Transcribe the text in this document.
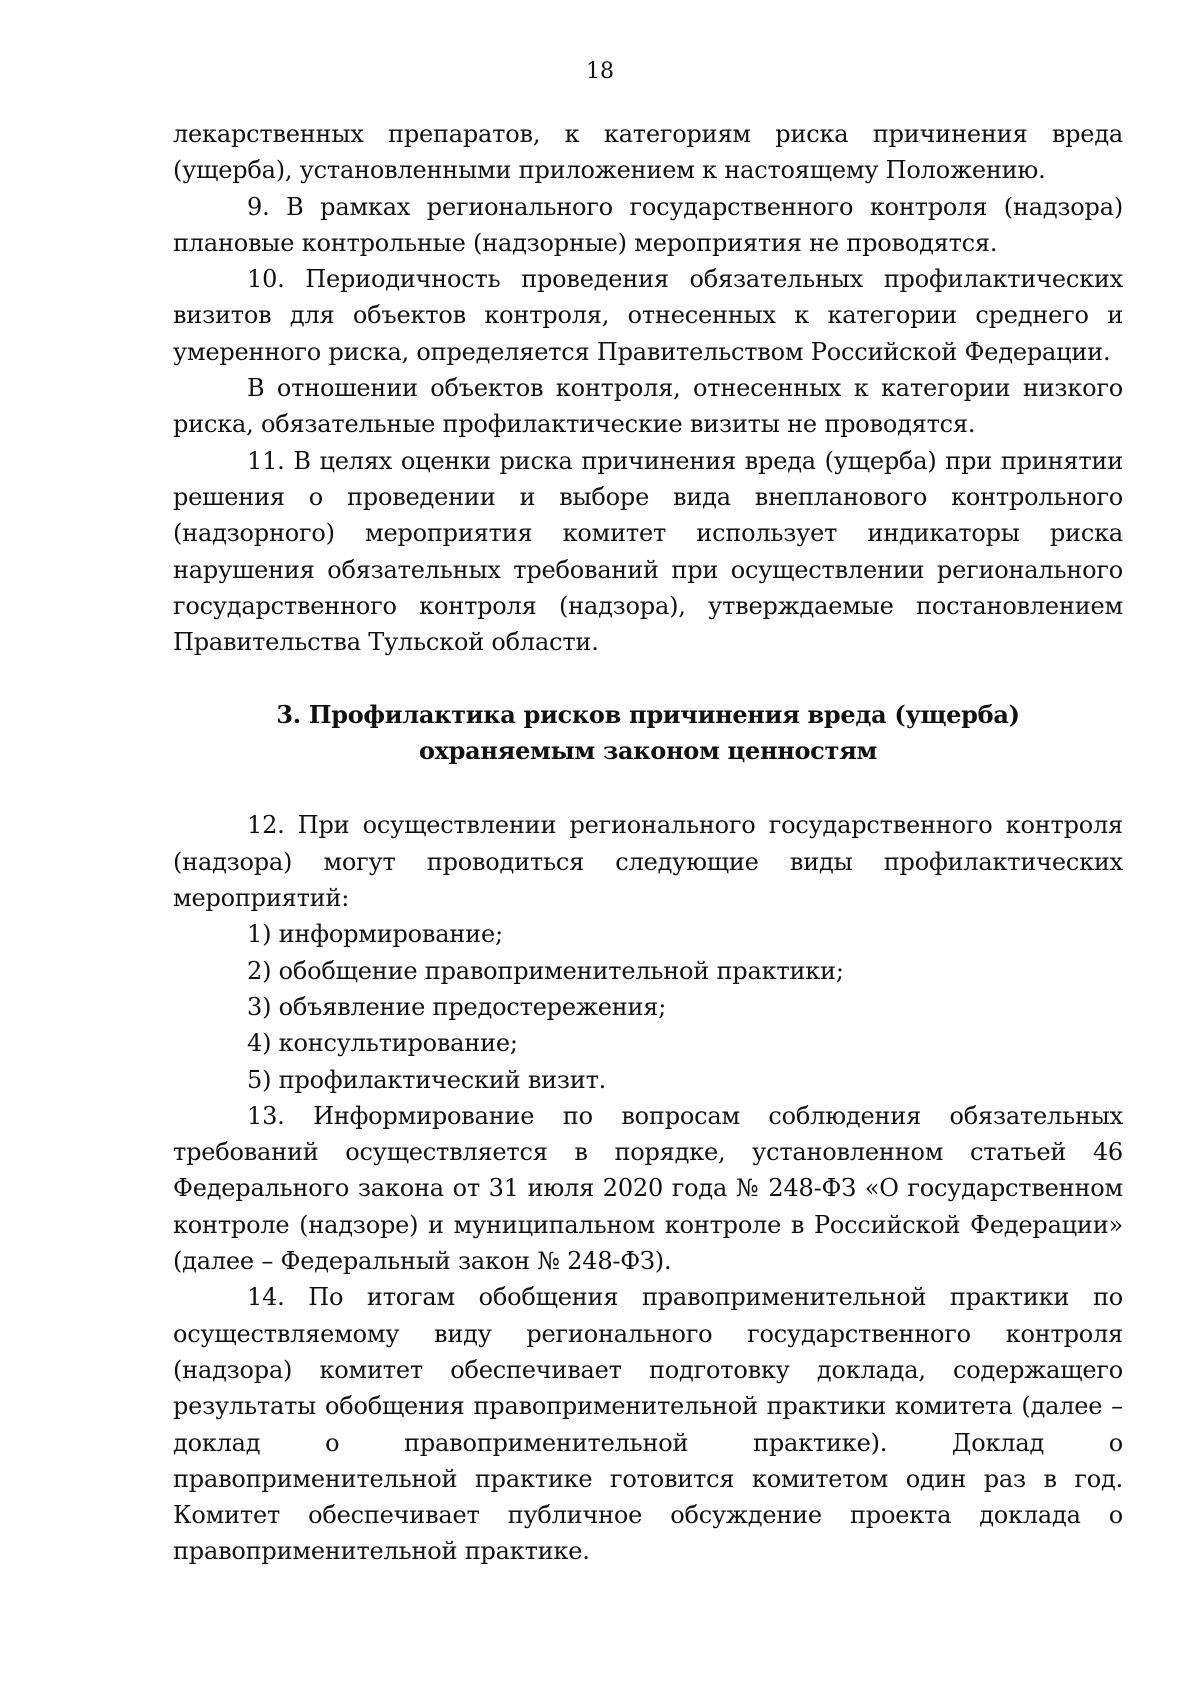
18

лекарственных препаратов, к категориям риска причинения вреда (ущерба), установленными приложением к настоящему Положению.

9. В рамках регионального государственного контроля (надзора) плановые контрольные (надзорные) мероприятия не проводятся.

10. Периодичность проведения обязательных профилактических визитов для объектов контроля, отнесенных к категории среднего и умеренного риска, определяется Правительством Российской Федерации.

В отношении объектов контроля, отнесенных к категории низкого риска, обязательные профилактические визиты не проводятся.

11. В целях оценки риска причинения вреда (ущерба) при принятии решения о проведении и выборе вида внепланового контрольного (надзорного) мероприятия комитет использует индикаторы риска нарушения обязательных требований при осуществлении регионального государственного контроля (надзора), утверждаемые постановлением Правительства Тульской области.

3. Профилактика рисков причинения вреда (ущерба)
охраняемым законом ценностям

12. При осуществлении регионального государственного контроля (надзора) могут проводиться следующие виды профилактических мероприятий:

1) информирование;

2) обобщение правоприменительной практики;

3) объявление предостережения;

4) консультирование;

5) профилактический визит.

13. Информирование по вопросам соблюдения обязательных требований осуществляется в порядке, установленном статьей 46 Федерального закона от 31 июля 2020 года № 248-ФЗ «О государственном контроле (надзоре) и муниципальном контроле в Российской Федерации» (далее – Федеральный закон № 248-ФЗ).

14. По итогам обобщения правоприменительной практики по осуществляемому виду регионального государственного контроля (надзора) комитет обеспечивает подготовку доклада, содержащего результаты обобщения правоприменительной практики комитета (далее – доклад о правоприменительной практике). Доклад о правоприменительной практике готовится комитетом один раз в год. Комитет обеспечивает публичное обсуждение проекта доклада о правоприменительной практике.
